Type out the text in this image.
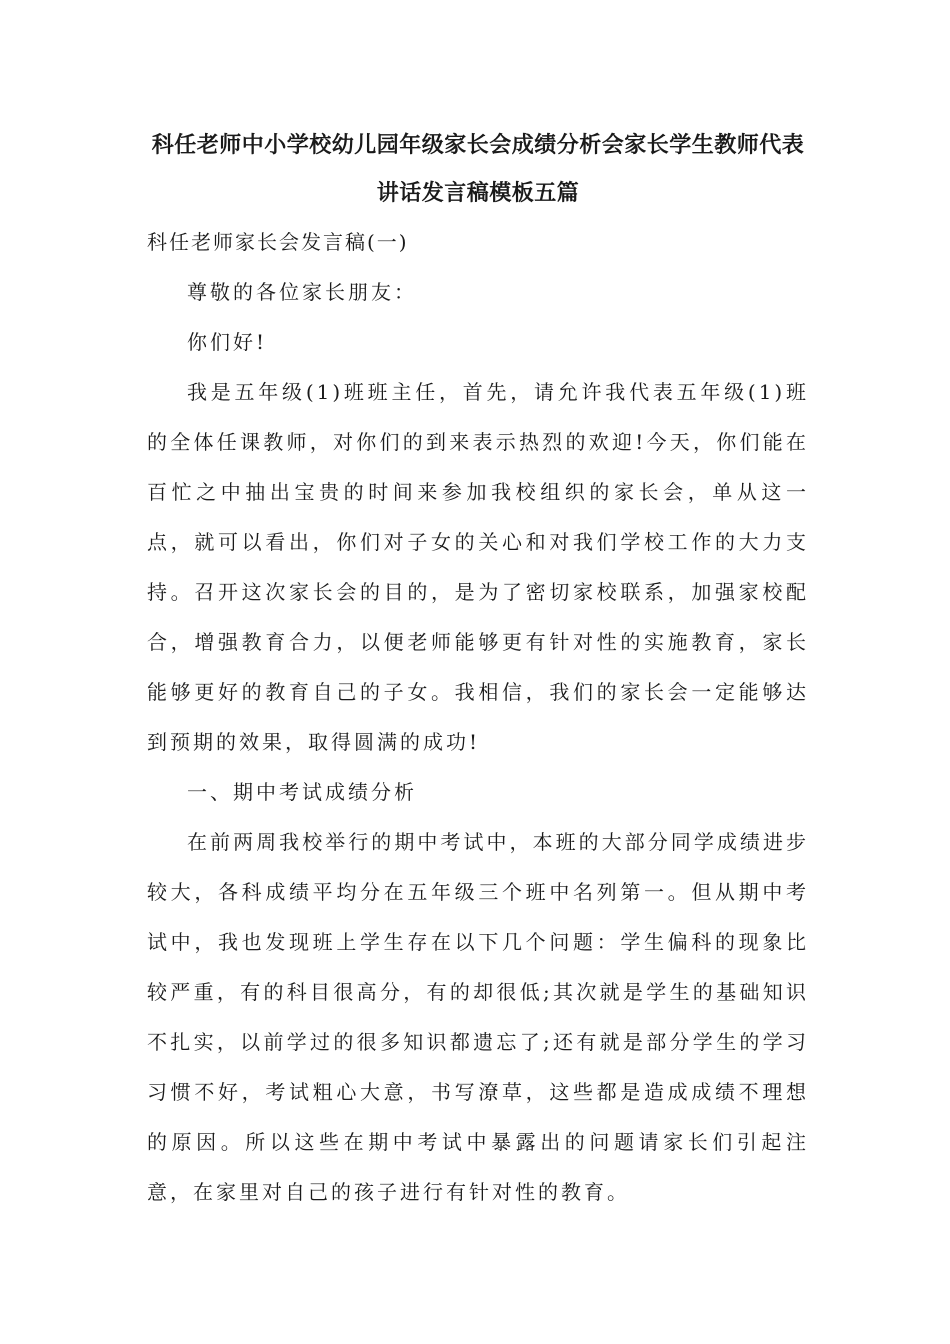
科任老师中小学校幼儿园年级家长会成绩分析会家长学生教师代表讲话发言稿模板五篇

科任老师家长会发言稿(一)

尊敬的各位家长朋友：

你们好!

我是五年级(1)班班主任，首先，请允许我代表五年级(1)班的全体任课教师，对你们的到来表示热烈的欢迎!今天，你们能在百忙之中抽出宝贵的时间来参加我校组织的家长会，单从这一点，就可以看出，你们对子女的关心和对我们学校工作的大力支持。召开这次家长会的目的，是为了密切家校联系，加强家校配合，增强教育合力，以便老师能够更有针对性的实施教育，家长能够更好的教育自己的子女。我相信，我们的家长会一定能够达到预期的效果，取得圆满的成功!

一、期中考试成绩分析

在前两周我校举行的期中考试中，本班的大部分同学成绩进步较大，各科成绩平均分在五年级三个班中名列第一。但从期中考试中，我也发现班上学生存在以下几个问题：学生偏科的现象比较严重，有的科目很高分，有的却很低;其次就是学生的基础知识不扎实，以前学过的很多知识都遗忘了;还有就是部分学生的学习习惯不好，考试粗心大意，书写潦草，这些都是造成成绩不理想的原因。所以这些在期中考试中暴露出的问题请家长们引起注意，在家里对自己的孩子进行有针对性的教育。
